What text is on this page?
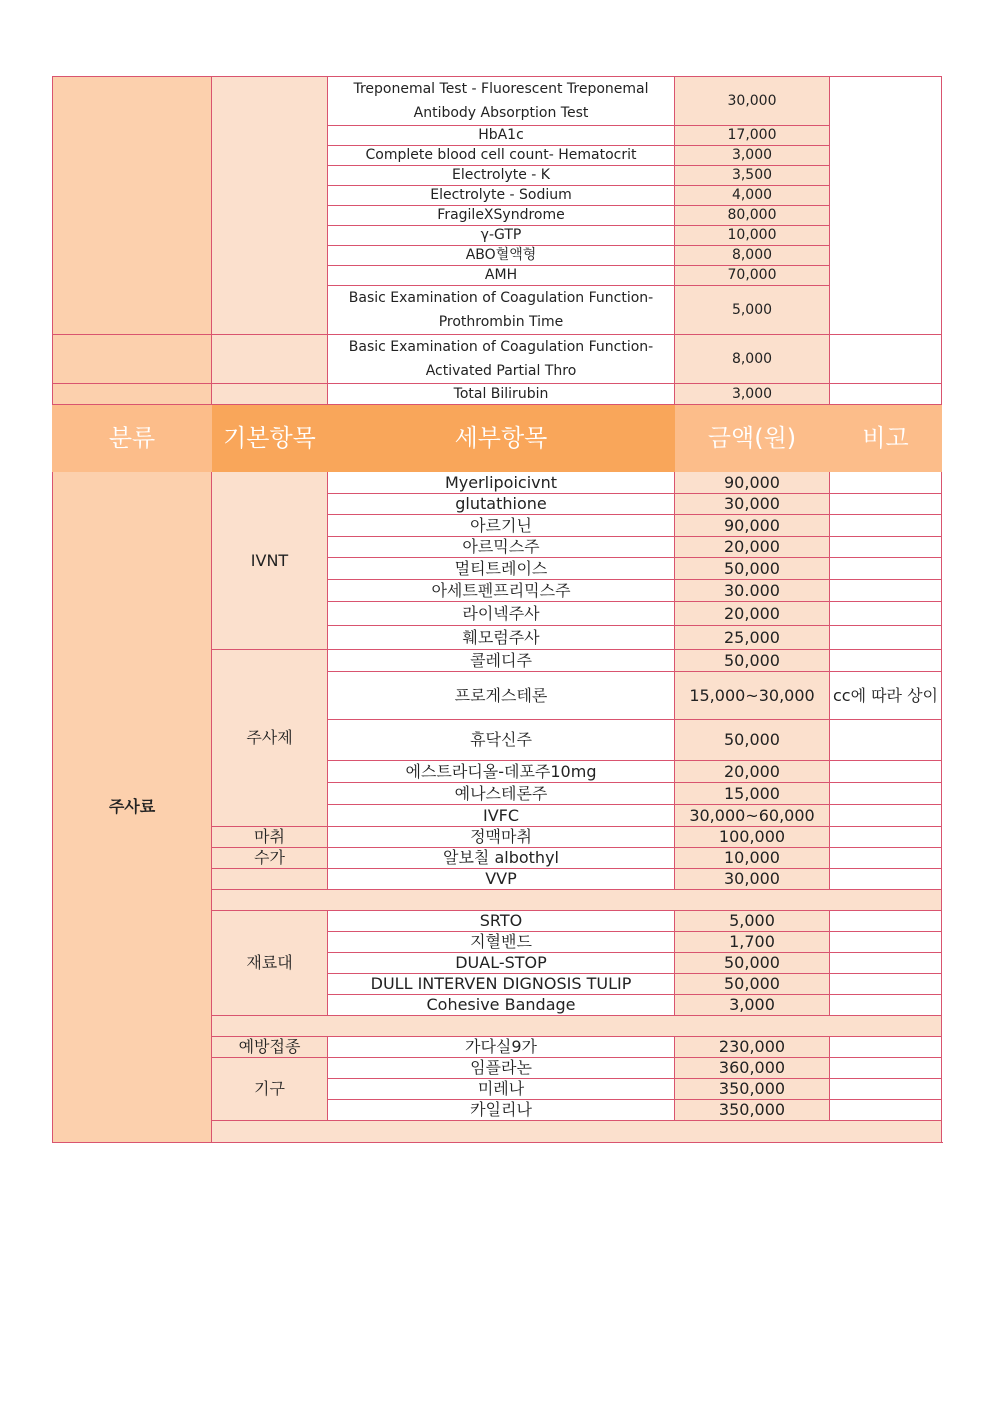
		Treponemal Test - Fluorescent Treponemal Antibody Absorption Test	30,000	
		HbA1c	17,000	
		Complete blood cell count- Hematocrit	3,000	
		Electrolyte - K	3,500	
		Electrolyte - Sodium	4,000	
		FragileXSyndrome	80,000	
		γ-GTP	10,000	
		ABO혈액형	8,000	
		AMH	70,000	
		Basic Examination of Coagulation Function-Prothrombin Time	5,000	
		Basic Examination of Coagulation Function-Activated Partial Thro	8,000	
		Total Bilirubin	3,000	
분류	기본항목	세부항목	금액(원)	비고
주사료	IVNT	Myerlipoicivnt	90,000	
		glutathione	30,000	
		아르기닌	90,000	
		아르믹스주	20,000	
		멀티트레이스	50,000	
		아세트펜프리믹스주	30.000	
		라이넥주사	20,000	
		훼모럼주사	25,000	
	주사제	콜레디주	50,000	
		프로게스테론	15,000~30,000	cc에 따라 상이
		휴닥신주	50,000	
		에스트라디올-데포주10mg	20,000	
		예나스테론주	15,000	
		IVFC	30,000~60,000	
	마취	정맥마취	100,000	
	수가	알보칠 albothyl	10,000	
		VVP	30,000	

	재료대	SRTO	5,000	
		지혈밴드	1,700	
		DUAL-STOP	50,000	
		DULL INTERVEN DIGNOSIS TULIP	50,000	
		Cohesive Bandage	3,000	

	예방접종	가다실9가	230,000	
	기구	임플라논	360,000	
		미레나	350,000	
		카일리나	350,000	
